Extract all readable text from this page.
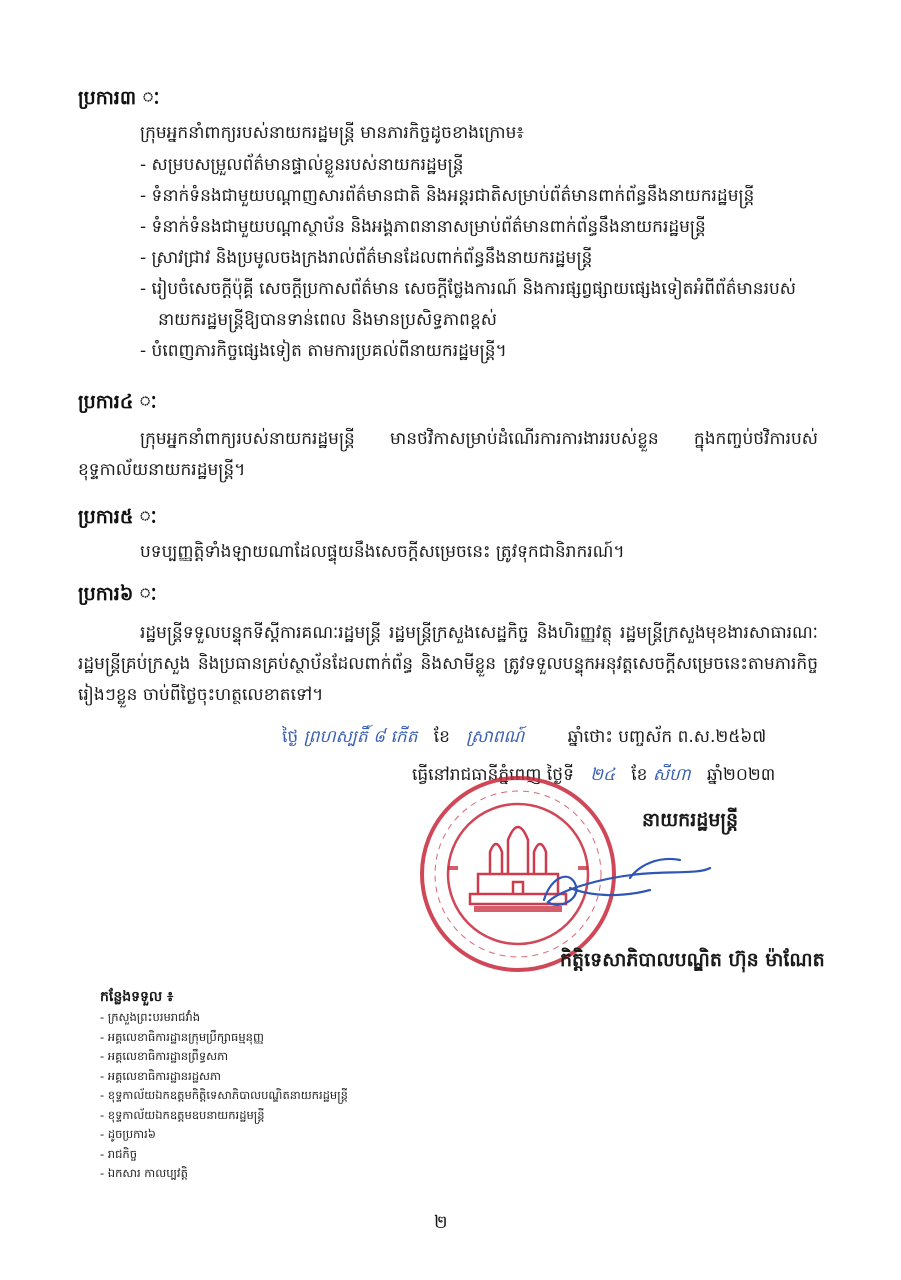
ប្រការ៣ ៈ
ក្រុមអ្នកនាំពាក្យរបស់នាយករដ្ឋមន្ត្រី មានភារកិច្ចដូចខាងក្រោម៖
- សម្របសម្រួលព័ត៌មានផ្ទាល់ខ្លួនរបស់នាយករដ្ឋមន្ត្រី
- ទំនាក់ទំនងជាមួយបណ្តាញសារព័ត៌មានជាតិ និងអន្តរជាតិសម្រាប់ព័ត៌មានពាក់ព័ន្ធនឹងនាយករដ្ឋមន្ត្រី
- ទំនាក់ទំនងជាមួយបណ្តាស្ថាប័ន និងអង្គភាពនានាសម្រាប់ព័ត៌មានពាក់ព័ន្ធនឹងនាយករដ្ឋមន្ត្រី
- ស្រាវជ្រាវ និងប្រមូលចងក្រងរាល់ព័ត៌មានដែលពាក់ព័ន្ធនឹងនាយករដ្ឋមន្ត្រី
- រៀបចំសេចក្តីប៉ុគ្គី សេចក្តីប្រកាសព័ត៌មាន សេចក្តីថ្លែងការណ៍ និងការផ្សព្វផ្សាយផ្សេងទៀតអំពីព័ត៌មានរបស់នាយករដ្ឋមន្ត្រីឱ្យបានទាន់ពេល និងមានប្រសិទ្ធភាពខ្ពស់
- បំពេញភារកិច្ចផ្សេងទៀត តាមការប្រគល់ពីនាយករដ្ឋមន្ត្រី។
ប្រការ៤ ៈ
ក្រុមអ្នកនាំពាក្យរបស់នាយករដ្ឋមន្ត្រី មានថវិកាសម្រាប់ដំណើរការការងាររបស់ខ្លួន ក្នុងកញ្ចប់ថវិការបស់ខុទ្ទកាល័យនាយករដ្ឋមន្ត្រី។
ប្រការ៥ ៈ
បទប្បញ្ញត្តិទាំងឡាយណាដែលផ្ទុយនឹងសេចក្តីសម្រេចនេះ ត្រូវទុកជានិរាករណ៍។
ប្រការ៦ ៈ
រដ្ឋមន្ត្រីទទួលបន្ទុកទីស្តីការគណៈរដ្ឋមន្ត្រី រដ្ឋមន្ត្រីក្រសួងសេដ្ឋកិច្ច និងហិរញ្ញវត្ថុ រដ្ឋមន្ត្រីក្រសួងមុខងារសាធារណៈ រដ្ឋមន្ត្រីគ្រប់ក្រសួង និងប្រធានគ្រប់ស្ថាប័នដែលពាក់ព័ន្ធ និងសាមីខ្លួន ត្រូវទទួលបន្ទុកអនុវត្តសេចក្តីសម្រេចនេះតាមភារកិច្ចរៀងៗខ្លួន ចាប់ពីថ្ងៃចុះហត្ថលេខាតទៅ។
ថ្ងៃ ព្រហស្បតិ៍ ៨ កើត ខែ ស្រាពណ៍	ឆ្នាំថោះ បញ្ចស័ក ព.ស.២៥៦៧
ធ្វើនៅរាជធានីភ្នំពេញ ថ្ងៃទី ២៤ ខែ សីហា ឆ្នាំ២០២៣
នាយករដ្ឋមន្ត្រី
កិត្តិទេសាភិបាលបណ្ឌិត ហ៊ុន ម៉ាណែត
កន្លែងទទួល ៖
- ក្រសួងព្រះបរមរាជវាំង
- អគ្គលេខាធិការដ្ឋានក្រុមប្រឹក្សាធម្មនុញ្ញ
- អគ្គលេខាធិការដ្ឋានព្រឹទ្ធសភា
- អគ្គលេខាធិការដ្ឋានរដ្ឋសភា
- ខុទ្ទកាល័យឯកឧត្តមកិត្តិទេសាភិបាលបណ្ឌិតនាយករដ្ឋមន្ត្រី
- ខុទ្ទកាល័យឯកឧត្តមឧបនាយករដ្ឋមន្ត្រី
- ដូចប្រការ៦
- រាជកិច្ច
- ឯកសារ កាលប្បវត្តិ
២
